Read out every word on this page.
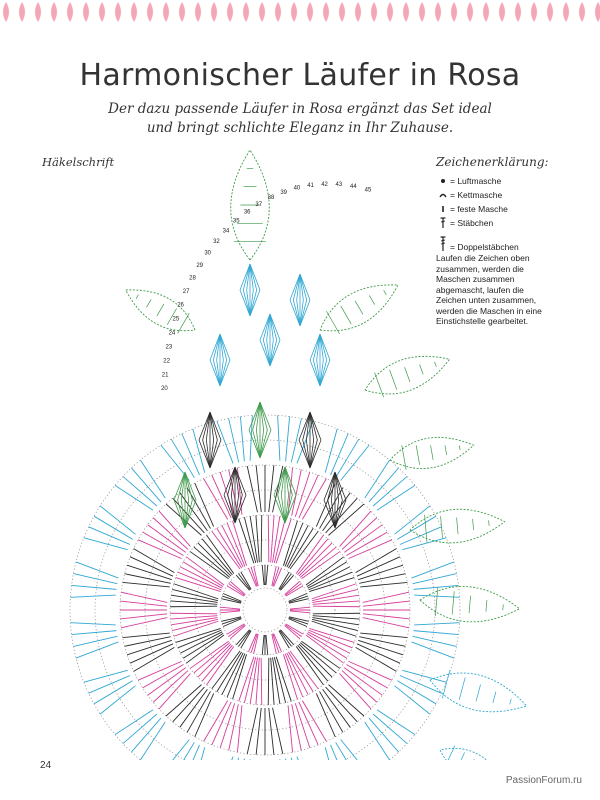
Harmonischer Läufer in Rosa
Der dazu passende Läufer in Rosa ergänzt das Set ideal
und bringt schlichte Eleganz in Ihr Zuhause.
Häkelschrift	Zeichenerklärung:
= Luftmasche
= Kettmasche
= feste Masche
= Stäbchen
= Doppelstäbchen
Laufen die Zeichen oben
zusammen, werden die
Maschen zusammen
abgemascht, laufen die
Zeichen unten zusammen,
werden die Maschen in eine
Einstichstelle gearbeitet.
20
21
22
23
24
25
26
27
28
29
30
32
34
35
36
37
38
39
40 41 42 43 44
45
24
PassionForum.ru
